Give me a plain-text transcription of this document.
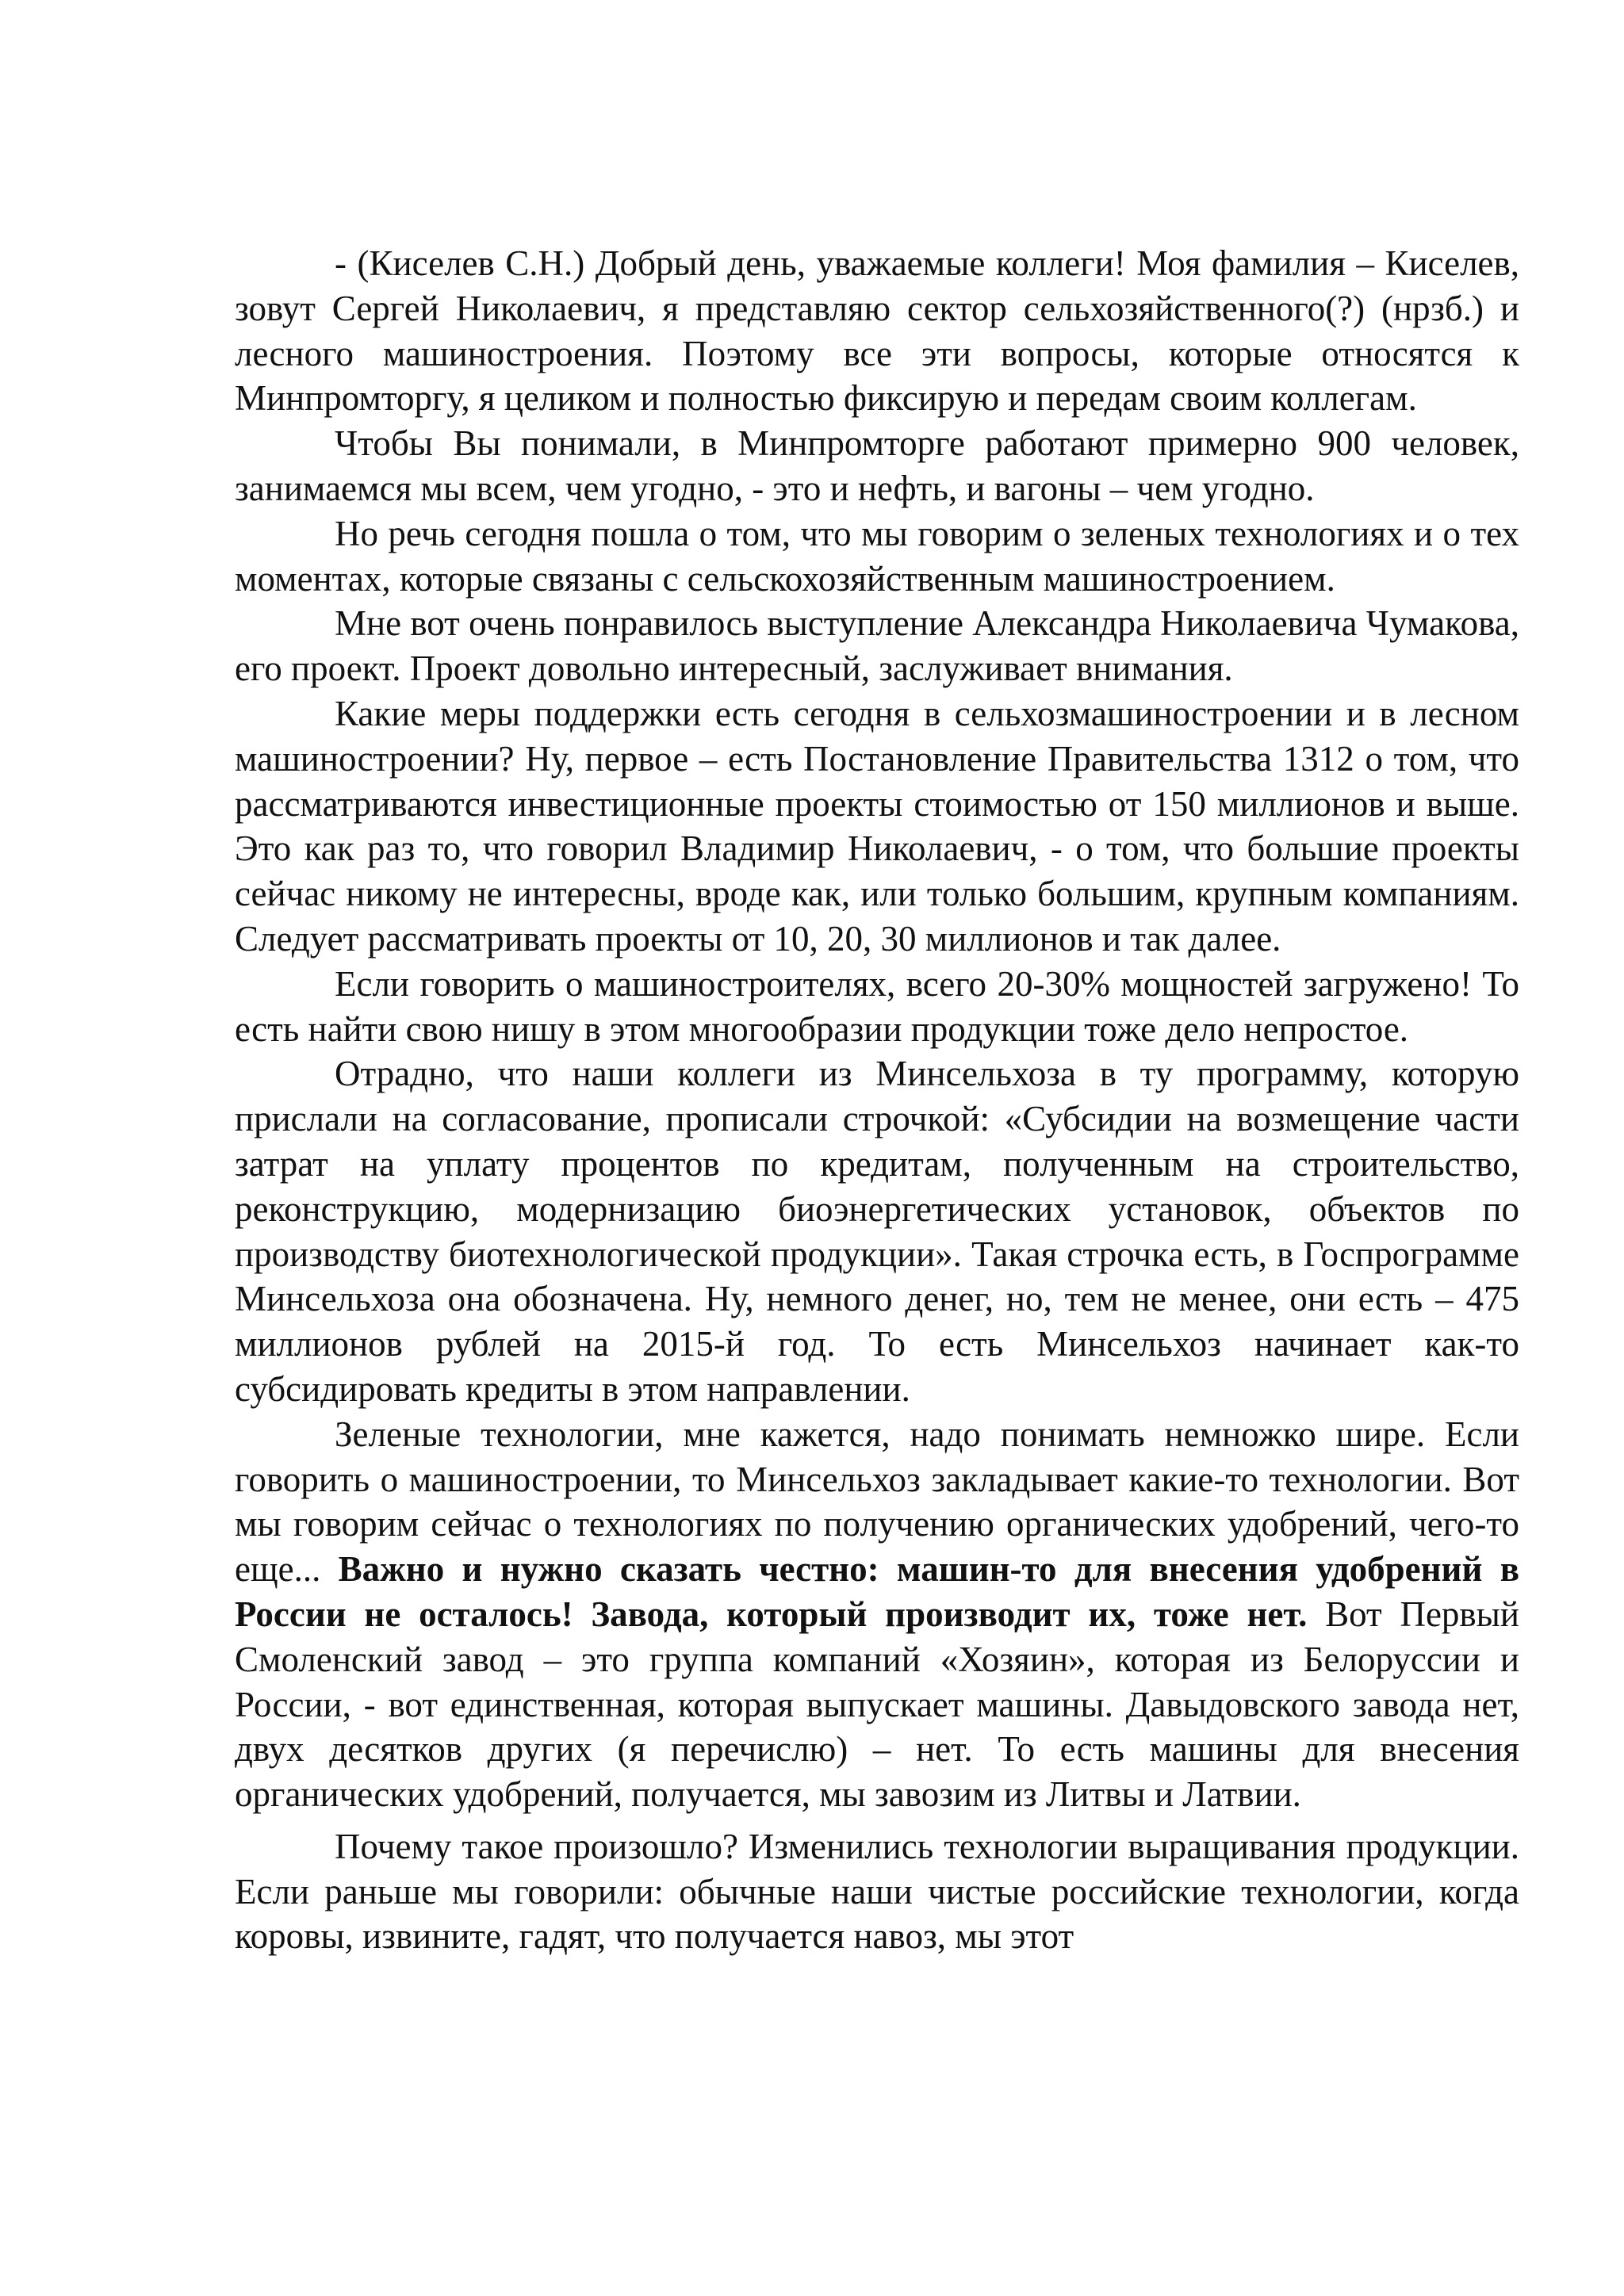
- (Киселев С.Н.) Добрый день, уважаемые коллеги! Моя фамилия – Киселев, зовут Сергей Николаевич, я представляю сектор сельхозяйственного(?) (нрзб.) и лесного машиностроения. Поэтому все эти вопросы, которые относятся к Минпромторгу, я целиком и полностью фиксирую и передам своим коллегам.

Чтобы Вы понимали, в Минпромторге работают примерно 900 человек, занимаемся мы всем, чем угодно, - это и нефть, и вагоны – чем угодно.

Но речь сегодня пошла о том, что мы говорим о зеленых технологиях и о тех моментах, которые связаны с сельскохозяйственным машиностроением.

Мне вот очень понравилось выступление Александра Николаевича Чумакова, его проект. Проект довольно интересный, заслуживает внимания.

Какие меры поддержки есть сегодня в сельхозмашиностроении и в лесном машиностроении? Ну, первое – есть Постановление Правительства 1312 о том, что рассматриваются инвестиционные проекты стоимостью от 150 миллионов и выше. Это как раз то, что говорил Владимир Николаевич, - о том, что большие проекты сейчас никому не интересны, вроде как, или только большим, крупным компаниям. Следует рассматривать проекты от 10, 20, 30 миллионов и так далее.

Если говорить о машиностроителях, всего 20-30% мощностей загружено! То есть найти свою нишу в этом многообразии продукции тоже дело непростое.

Отрадно, что наши коллеги из Минсельхоза в ту программу, которую прислали на согласование, прописали строчкой: «Субсидии на возмещение части затрат на уплату процентов по кредитам, полученным на строительство, реконструкцию, модернизацию биоэнергетических установок, объектов по производству биотехнологической продукции». Такая строчка есть, в Госпрограмме Минсельхоза она обозначена. Ну, немного денег, но, тем не менее, они есть – 475 миллионов рублей на 2015-й год. То есть Минсельхоз начинает как-то субсидировать кредиты в этом направлении.

Зеленые технологии, мне кажется, надо понимать немножко шире. Если говорить о машиностроении, то Минсельхоз закладывает какие-то технологии. Вот мы говорим сейчас о технологиях по получению органических удобрений, чего-то еще... Важно и нужно сказать честно: машин-то для внесения удобрений в России не осталось! Завода, который производит их, тоже нет. Вот Первый Смоленский завод – это группа компаний «Хозяин», которая из Белоруссии и России, - вот единственная, которая выпускает машины. Давыдовского завода нет, двух десятков других (я перечислю) – нет. То есть машины для внесения органических удобрений, получается, мы завозим из Литвы и Латвии.

Почему такое произошло? Изменились технологии выращивания продукции. Если раньше мы говорили: обычные наши чистые российские технологии, когда коровы, извините, гадят, что получается навоз, мы этот
